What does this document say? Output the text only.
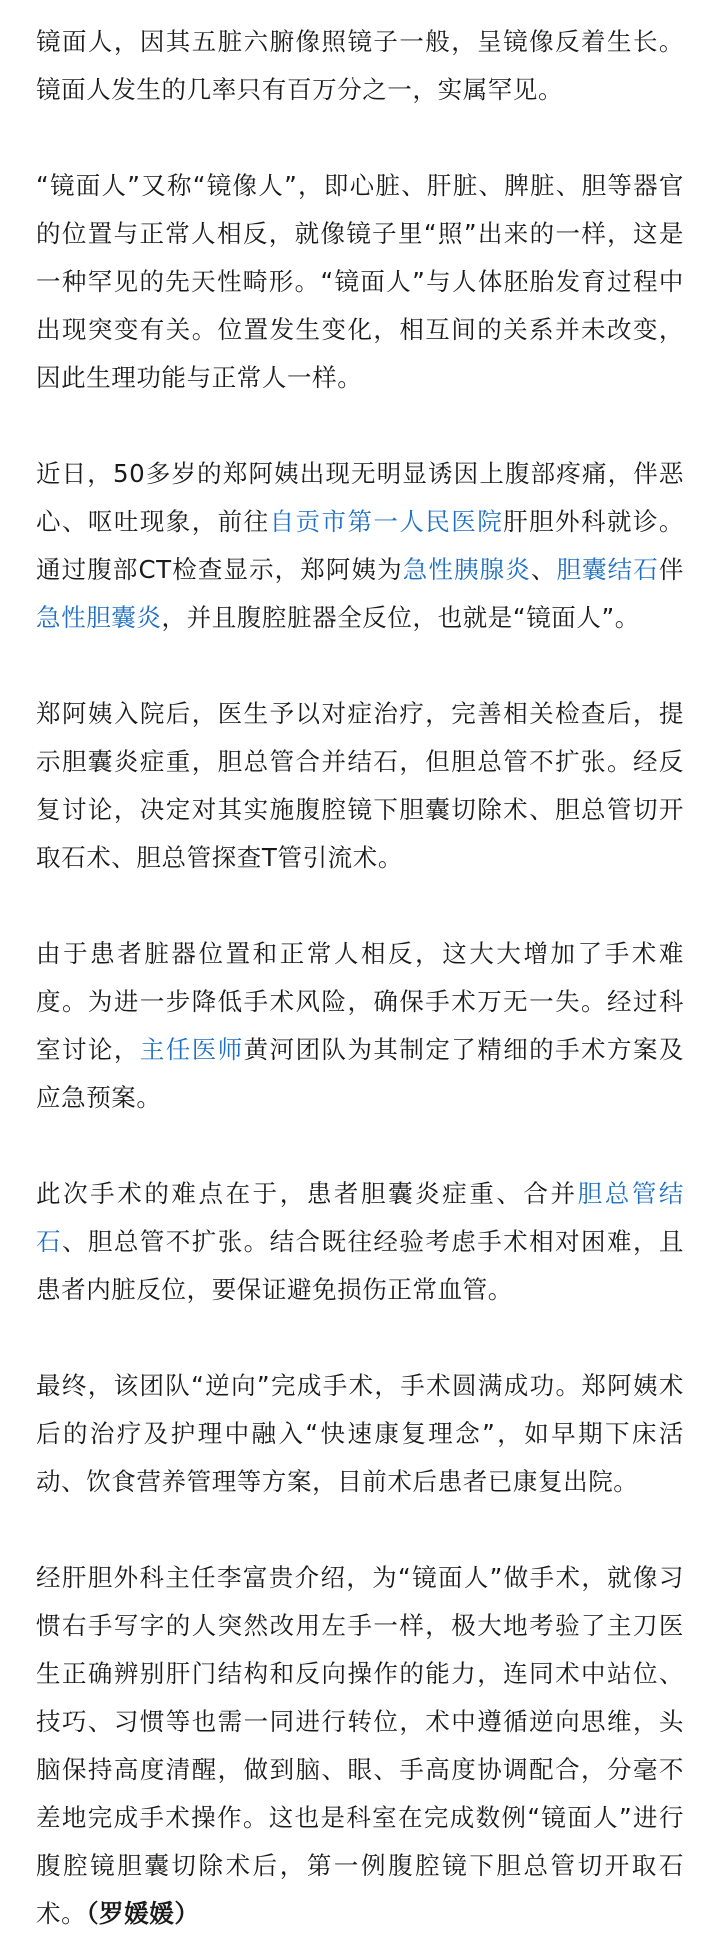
镜面人，因其五脏六腑像照镜子一般，呈镜像反着生长。镜面人发生的几率只有百万分之一，实属罕见。

“镜面人”又称“镜像人”，即心脏、肝脏、脾脏、胆等器官的位置与正常人相反，就像镜子里“照”出来的一样，这是一种罕见的先天性畸形。“镜面人”与人体胚胎发育过程中出现突变有关。位置发生变化，相互间的关系并未改变，因此生理功能与正常人一样。

近日，50多岁的郑阿姨出现无明显诱因上腹部疼痛，伴恶心、呕吐现象，前往自贡市第一人民医院肝胆外科就诊。通过腹部CT检查显示，郑阿姨为急性胰腺炎、胆囊结石伴急性胆囊炎，并且腹腔脏器全反位，也就是“镜面人”。

郑阿姨入院后，医生予以对症治疗，完善相关检查后，提示胆囊炎症重，胆总管合并结石，但胆总管不扩张。经反复讨论，决定对其实施腹腔镜下胆囊切除术、胆总管切开取石术、胆总管探查T管引流术。

由于患者脏器位置和正常人相反，这大大增加了手术难度。为进一步降低手术风险，确保手术万无一失。经过科室讨论，主任医师黄河团队为其制定了精细的手术方案及应急预案。

此次手术的难点在于，患者胆囊炎症重、合并胆总管结石、胆总管不扩张。结合既往经验考虑手术相对困难，且患者内脏反位，要保证避免损伤正常血管。

最终，该团队“逆向”完成手术，手术圆满成功。郑阿姨术后的治疗及护理中融入“快速康复理念”，如早期下床活动、饮食营养管理等方案，目前术后患者已康复出院。

经肝胆外科主任李富贵介绍，为“镜面人”做手术，就像习惯右手写字的人突然改用左手一样，极大地考验了主刀医生正确辨别肝门结构和反向操作的能力，连同术中站位、技巧、习惯等也需一同进行转位，术中遵循逆向思维，头脑保持高度清醒，做到脑、眼、手高度协调配合，分毫不差地完成手术操作。这也是科室在完成数例“镜面人”进行腹腔镜胆囊切除术后，第一例腹腔镜下胆总管切开取石术。（罗媛媛）
